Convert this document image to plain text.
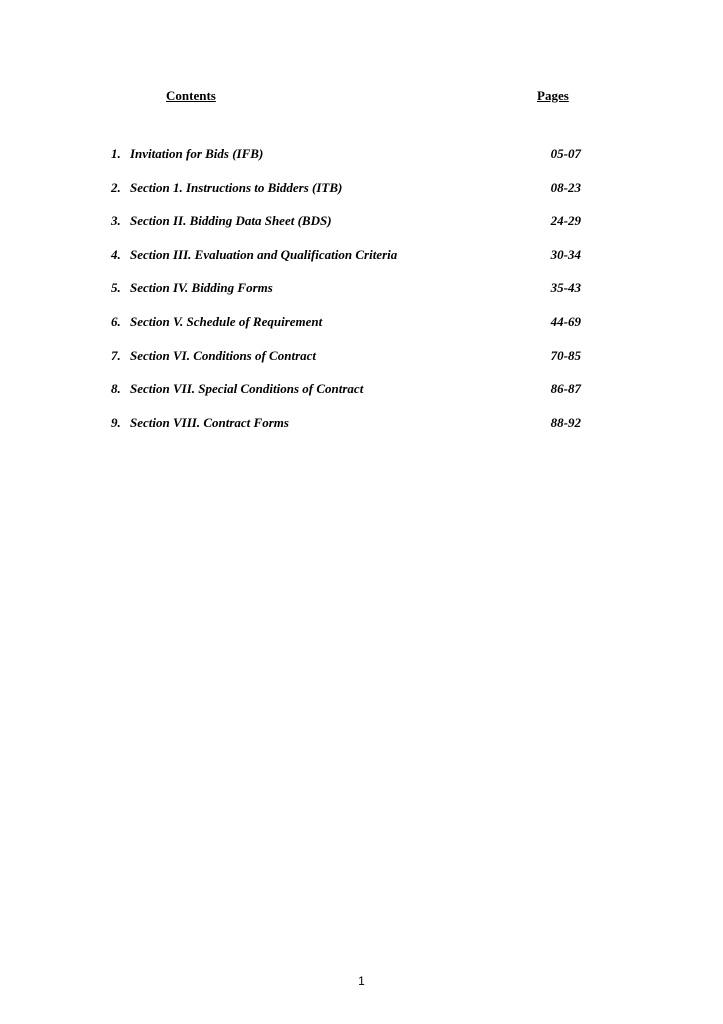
Contents	Pages
1. Invitation for Bids (IFB)	05-07
2. Section 1. Instructions to Bidders (ITB)	08-23
3. Section II. Bidding Data Sheet (BDS)	24-29
4. Section III. Evaluation and Qualification Criteria	30-34
5. Section IV. Bidding Forms	35-43
6. Section V. Schedule of Requirement	44-69
7. Section VI. Conditions of Contract	70-85
8. Section VII. Special Conditions of Contract	86-87
9. Section VIII. Contract Forms	88-92
1
